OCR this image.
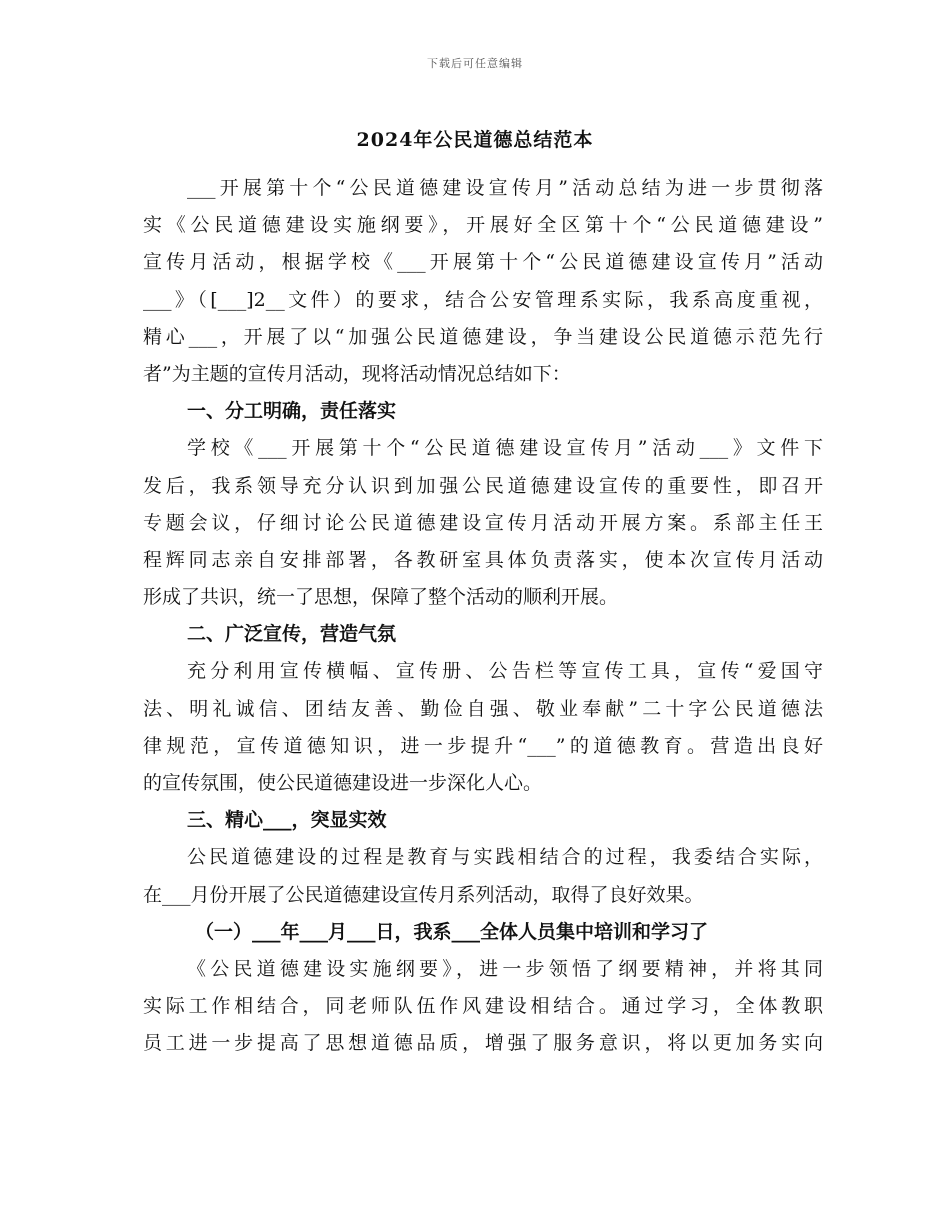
下载后可任意编辑
2024年公民道德总结范本
___开展第十个“公民道德建设宣传月”活动总结为进一步贯彻落
实《公民道德建设实施纲要》，开展好全区第十个“公民道德建设”
宣传月活动，根据学校《___开展第十个“公民道德建设宣传月”活动
___》（[___]2__文件）的要求，结合公安管理系实际，我系高度重视，
精心___，开展了以“加强公民道德建设，争当建设公民道德示范先行
者”为主题的宣传月活动，现将活动情况总结如下：
一、分工明确，责任落实
学校《___开展第十个“公民道德建设宣传月”活动___》文件下
发后，我系领导充分认识到加强公民道德建设宣传的重要性，即召开
专题会议，仔细讨论公民道德建设宣传月活动开展方案。系部主任王
程辉同志亲自安排部署，各教研室具体负责落实，使本次宣传月活动
形成了共识，统一了思想，保障了整个活动的顺利开展。
二、广泛宣传，营造气氛
充分利用宣传横幅、宣传册、公告栏等宣传工具，宣传“爱国守
法、明礼诚信、团结友善、勤俭自强、敬业奉献”二十字公民道德法
律规范，宣传道德知识，进一步提升“___”的道德教育。营造出良好
的宣传氛围，使公民道德建设进一步深化人心。
三、精心___，突显实效
公民道德建设的过程是教育与实践相结合的过程，我委结合实际，
在___月份开展了公民道德建设宣传月系列活动，取得了良好效果。
（一）___年___月___日，我系___全体人员集中培训和学习了
《公民道德建设实施纲要》，进一步领悟了纲要精神，并将其同
实际工作相结合，同老师队伍作风建设相结合。通过学习，全体教职
员工进一步提高了思想道德品质，增强了服务意识，将以更加务实向
